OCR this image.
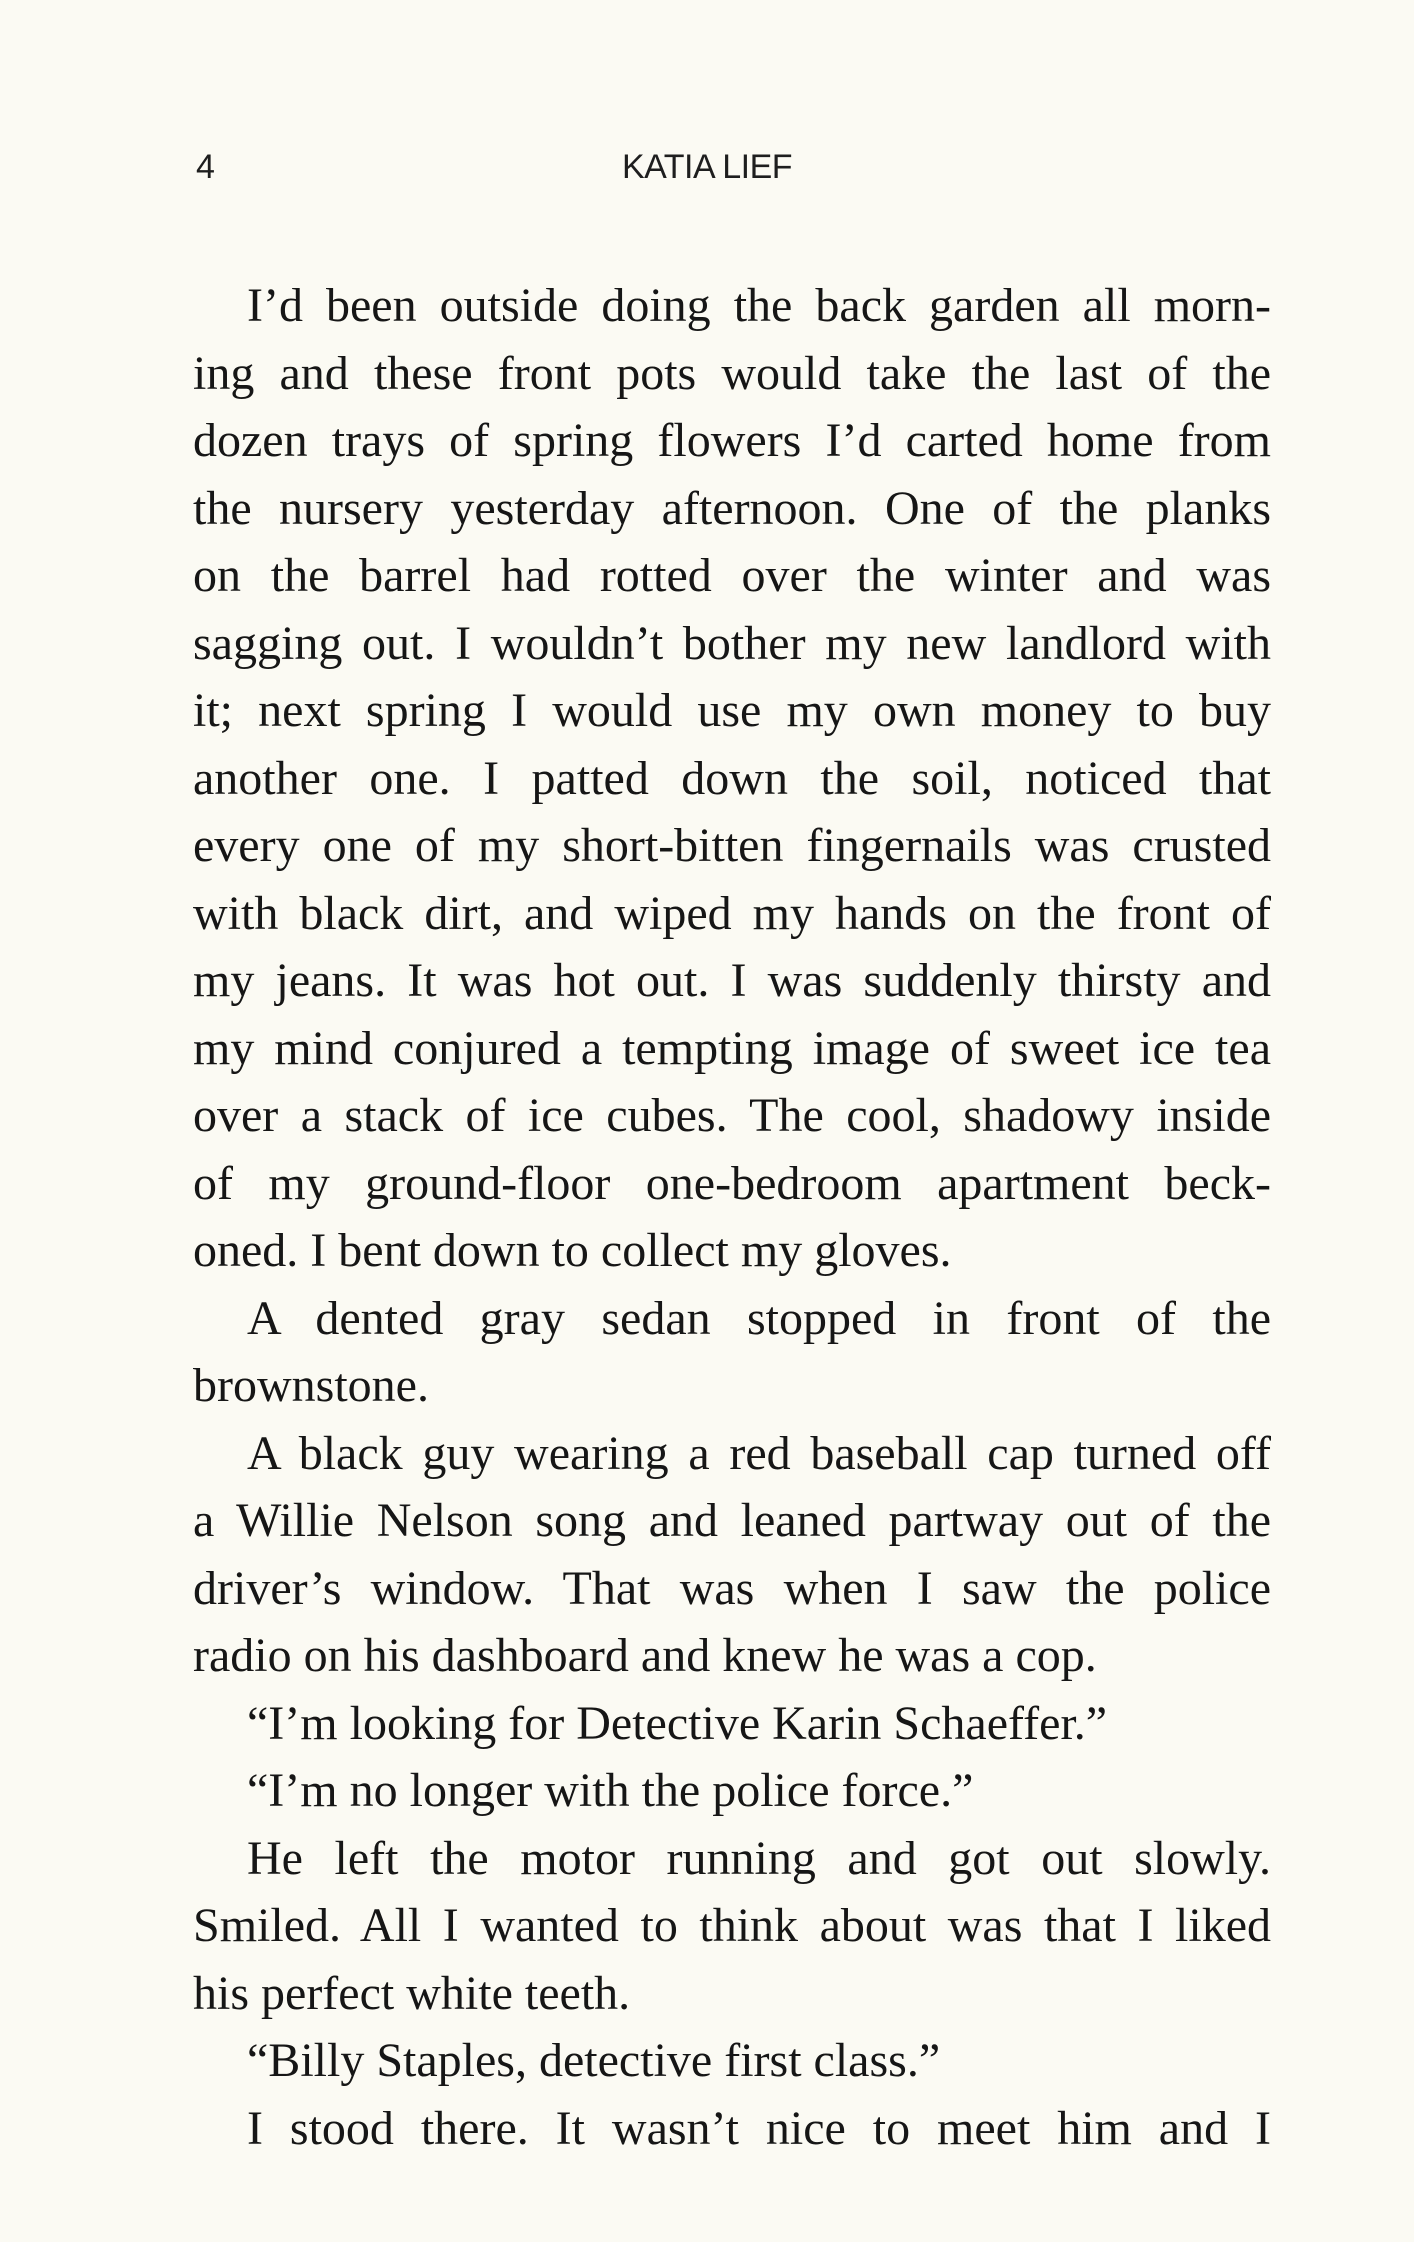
4	KATIA LIEF
I’d been outside doing the back garden all morn-
ing and these front pots would take the last of the
dozen trays of spring flowers I’d carted home from
the nursery yesterday afternoon. One of the planks
on the barrel had rotted over the winter and was
sagging out. I wouldn’t bother my new landlord with
it; next spring I would use my own money to buy
another one. I patted down the soil, noticed that
every one of my short-bitten fingernails was crusted
with black dirt, and wiped my hands on the front of
my jeans. It was hot out. I was suddenly thirsty and
my mind conjured a tempting image of sweet ice tea
over a stack of ice cubes. The cool, shadowy inside
of my ground-floor one-bedroom apartment beck-
oned. I bent down to collect my gloves.
A dented gray sedan stopped in front of the
brownstone.
A black guy wearing a red baseball cap turned off
a Willie Nelson song and leaned partway out of the
driver’s window. That was when I saw the police
radio on his dashboard and knew he was a cop.
“I’m looking for Detective Karin Schaeffer.”
“I’m no longer with the police force.”
He left the motor running and got out slowly.
Smiled. All I wanted to think about was that I liked
his perfect white teeth.
“Billy Staples, detective first class.”
I stood there. It wasn’t nice to meet him and I
